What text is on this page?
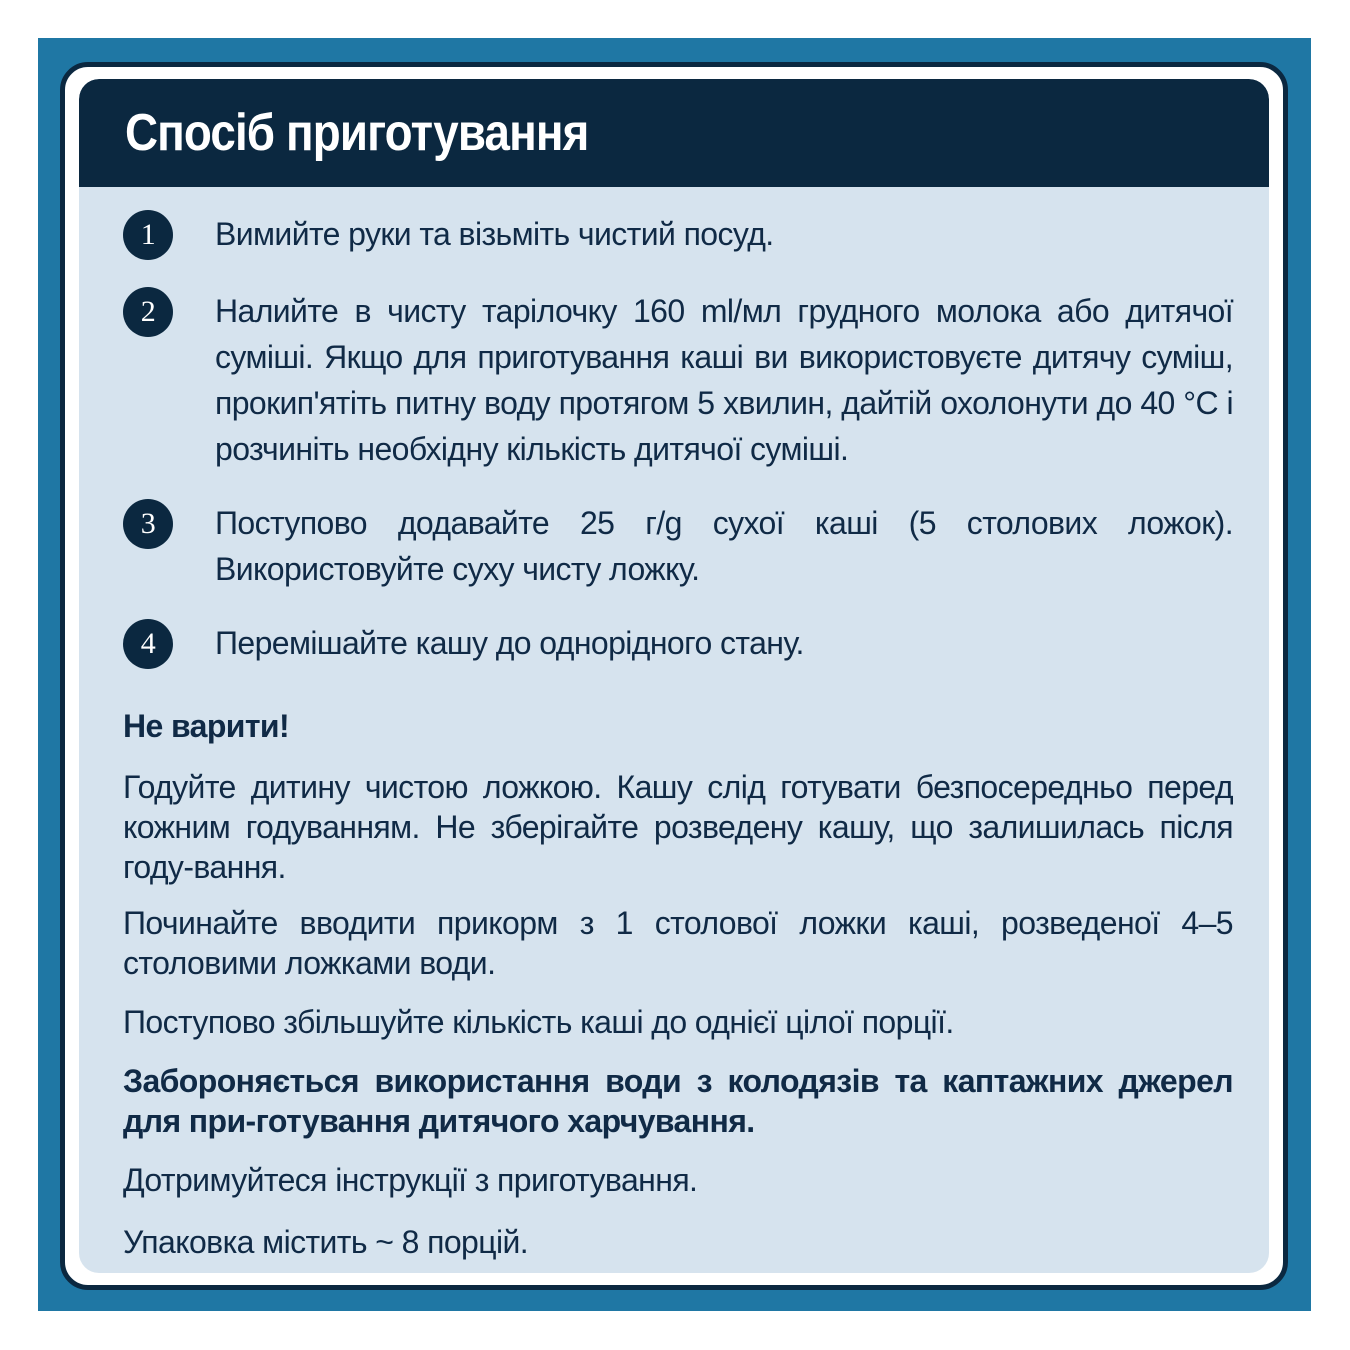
Спосіб приготування
1	Вимийте руки та візьміть чистий посуд.
2	Налийте в чисту тарілочку 160 ml/мл грудного молока або дитячої суміші. Якщо для приготування каші ви використовуєте дитячу суміш, прокип'ятіть питну воду протягом 5 хвилин, дайтій охолонути до 40 °C і розчиніть необхідну кількість дитячої суміші.
3	Поступово додавайте 25 г/g сухої каші (5 столових ложок). Використовуйте суху чисту ложку.
4	Перемішайте кашу до однорідного стану.
Не варити!

Годуйте дитину чистою ложкою. Кашу слід готувати безпосередньо перед кожним годуванням. Не зберігайте розведену кашу, що залишилась після году-вання.

Починайте вводити прикорм з 1 столової ложки каші, розведеної 4–5 столовими ложками води.

Поступово збільшуйте кількість каші до однієї цілої порції.

Забороняється використання води з колодязів та каптажних джерел для при-готування дитячого харчування.

Дотримуйтеся інструкції з приготування.

Упаковка містить ~ 8 порцій.
